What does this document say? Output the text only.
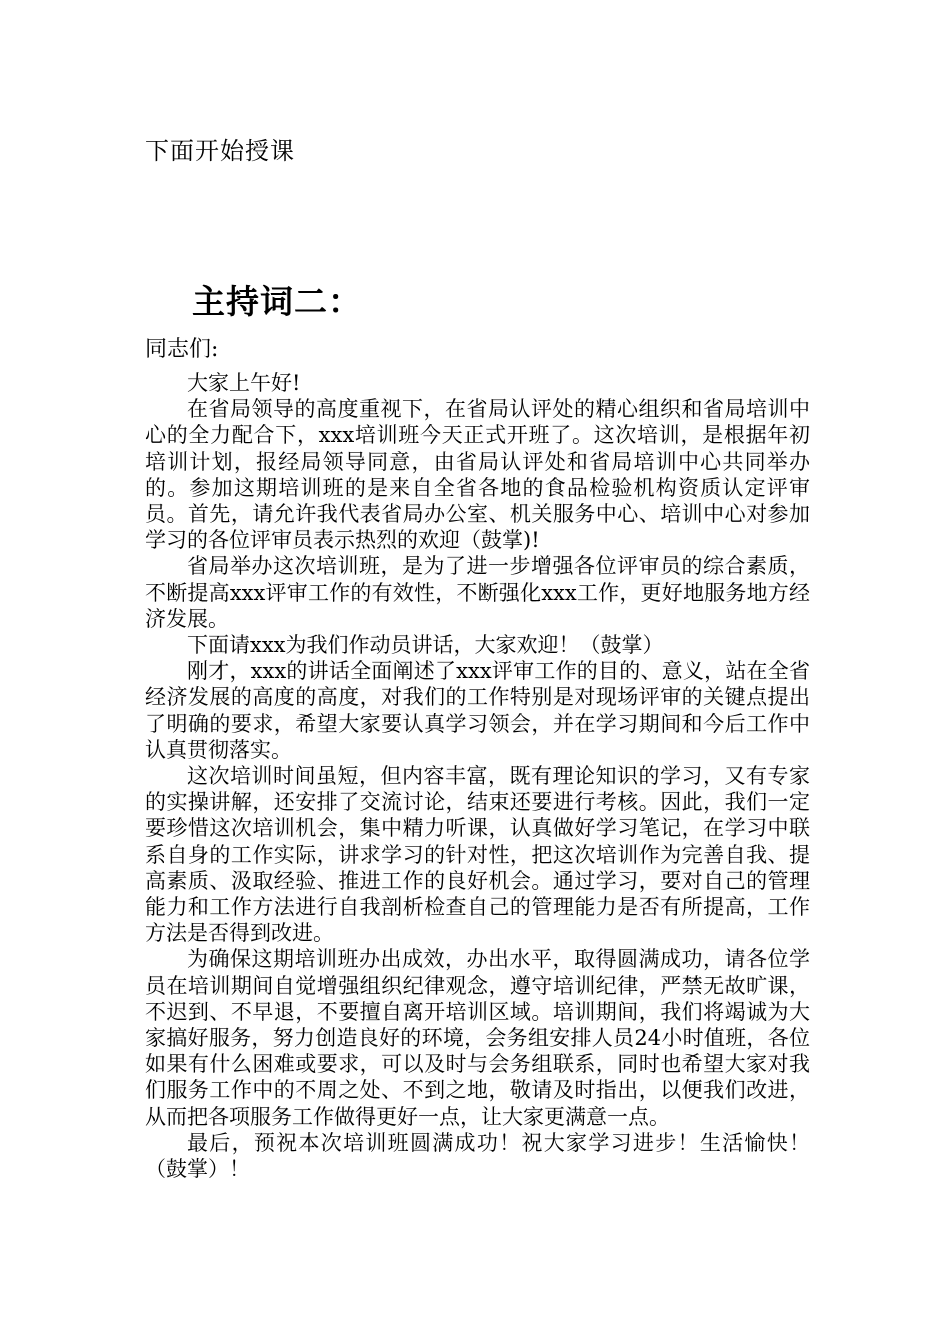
下面开始授课
主持词二：
同志们:

大家上午好!

在省局领导的高度重视下，在省局认评处的精心组织和省局培训中心的全力配合下，xxx培训班今天正式开班了。这次培训，是根据年初培训计划，报经局领导同意，由省局认评处和省局培训中心共同举办的。参加这期培训班的是来自全省各地的食品检验机构资质认定评审员。首先，请允许我代表省局办公室、机关服务中心、培训中心对参加学习的各位评审员表示热烈的欢迎（鼓掌)!

省局举办这次培训班，是为了进一步增强各位评审员的综合素质，不断提高xxx评审工作的有效性，不断强化xxx工作，更好地服务地方经济发展。

下面请xxx为我们作动员讲话，大家欢迎！（鼓掌）

刚才，xxx的讲话全面阐述了xxx评审工作的目的、意义，站在全省经济发展的高度的高度，对我们的工作特别是对现场评审的关键点提出了明确的要求，希望大家要认真学习领会，并在学习期间和今后工作中认真贯彻落实。

这次培训时间虽短，但内容丰富，既有理论知识的学习，又有专家的实操讲解，还安排了交流讨论，结束还要进行考核。因此，我们一定要珍惜这次培训机会，集中精力听课，认真做好学习笔记，在学习中联系自身的工作实际，讲求学习的针对性，把这次培训作为完善自我、提高素质、汲取经验、推进工作的良好机会。通过学习，要对自己的管理能力和工作方法进行自我剖析检查自己的管理能力是否有所提高，工作方法是否得到改进。

为确保这期培训班办出成效，办出水平，取得圆满成功，请各位学员在培训期间自觉增强组织纪律观念，遵守培训纪律，严禁无故旷课，不迟到、不早退，不要擅自离开培训区域。培训期间，我们将竭诚为大家搞好服务，努力创造良好的环境，会务组安排人员24小时值班，各位如果有什么困难或要求，可以及时与会务组联系，同时也希望大家对我们服务工作中的不周之处、不到之地，敬请及时指出，以便我们改进，从而把各项服务工作做得更好一点，让大家更满意一点。

最后，预祝本次培训班圆满成功！祝大家学习进步！生活愉快！ （鼓掌）！
